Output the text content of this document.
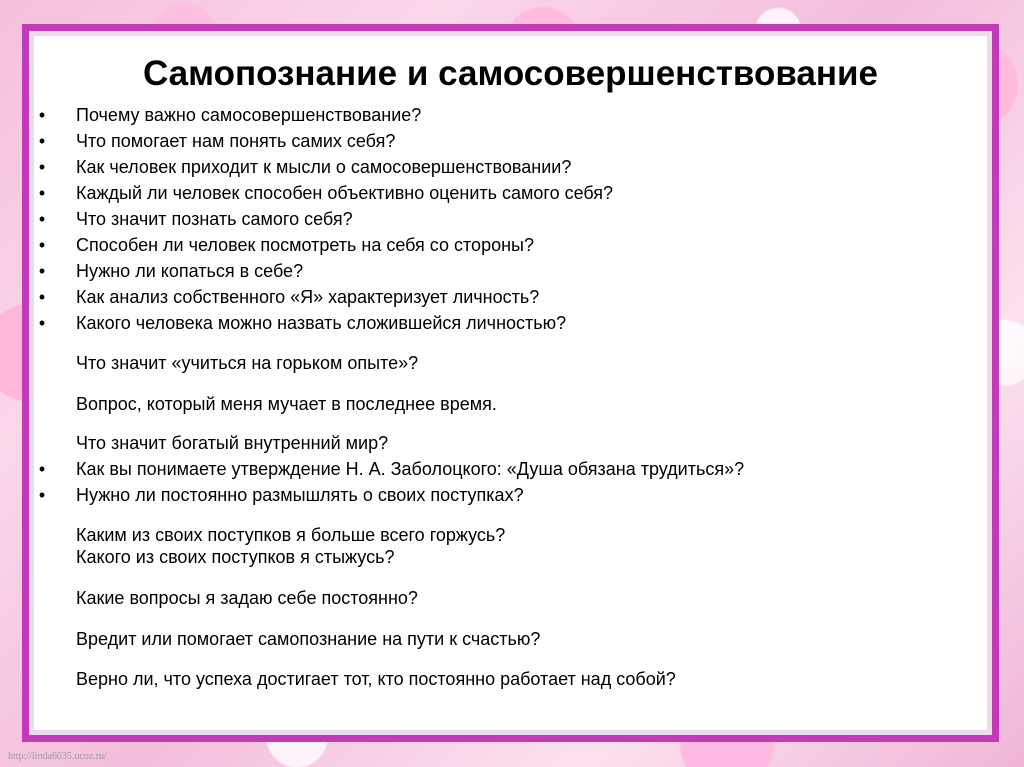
Самопознание и самосовершенствование
• Почему важно самосовершенствование?
• Что помогает нам понять самих себя?
• Как человек приходит к мысли о самосовершенствовании?
• Каждый ли человек способен объективно оценить самого себя?
• Что значит познать самого себя?
• Способен ли человек посмотреть на себя со стороны?
• Нужно ли копаться в себе?
• Как анализ собственного «Я» характеризует личность?
• Какого человека можно назвать сложившейся личностью?
Что значит «учиться на горьком опыте»?
Вопрос, который меня мучает в последнее время.
Что значит богатый внутренний мир?
• Как вы понимаете утверждение Н. А. Заболоцкого: «Душа обязана трудиться»?
• Нужно ли постоянно размышлять о своих поступках?
Каким из своих поступков я больше всего горжусь?
Какого из своих поступков я стыжусь?
Какие вопросы я задаю себе постоянно?
Вредит или помогает самопознание на пути к счастью?
Верно ли, что успеха достигает тот, кто постоянно работает над собой?
http://linda6035.ucoz.ru/
